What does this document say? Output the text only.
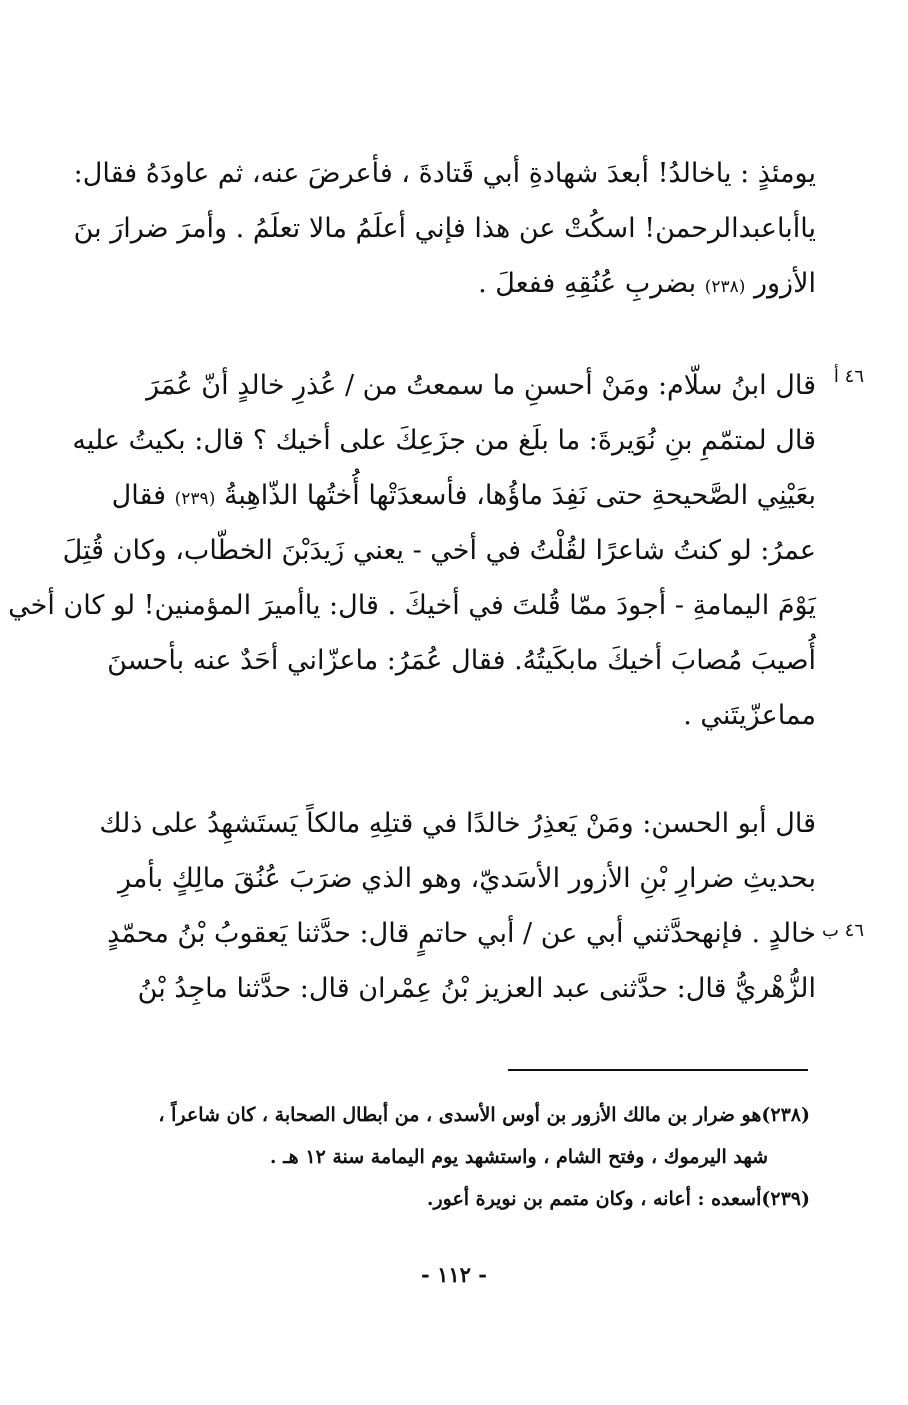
يومئذٍ : ياخالدُ! أبعدَ شهادةِ أبي قَتادةَ ، فأعرضَ عنه، ثم عاودَهُ فقال:
ياأباعبدالرحمن! اسكُتْ عن هذا فإني أعلَمُ مالا تعلَمُ . وأمرَ ضرارَ بنَ
الأزور (٢٣٨) بضربِ عُنُقِهِ ففعلَ .
٤٦ أ
قال ابنُ سلّام: ومَنْ أحسنِ ما سمعتُ من / عُذرِ خالدٍ أنّ عُمَرَ
قال لمتمّمِ بنِ نُوَيرةَ: ما بلَغ من جزَعِكَ على أخيك ؟ قال: بكيتُ عليه
بعَيْنِي الصَّحيحةِ حتى نَفِدَ ماؤُها، فأسعدَتْها أُختُها الذّاهِبةُ (٢٣٩) فقال
عمرُ: لو كنتُ شاعرًا لقُلْتُ في أخي - يعني زَيدَبْنَ الخطّاب، وكان قُتِلَ
يَوْمَ اليمامةِ - أجودَ ممّا قُلتَ في أخيكَ . قال: ياأميرَ المؤمنين! لو كان أخي
أُصيبَ مُصابَ أخيكَ مابكَيتُهُ. فقال عُمَرُ: ماعزّاني أحَدٌ عنه بأحسنَ
مماعزّيتَني .
قال أبو الحسن: ومَنْ يَعذِرُ خالدًا في قتلِهِ مالكاً يَستَشهِدُ على ذلك
بحديثِ ضرارِ بْنِ الأزور الأسَديّ، وهو الذي ضرَبَ عُنُقَ مالِكٍ بأمرِ
خالدٍ . فإنهحدَّثني أبي عن / أبي حاتمٍ قال: حدَّثنا يَعقوبُ بْنُ محمّدٍ
الزُّهْريُّ قال: حدَّثنى عبد العزيز بْنُ عِمْران قال: حدَّثنا ماجِدُ بْنُ
٤٦ ب
(٢٣٨)هو ضرار بن مالك الأزور بن أوس الأسدى ، من أبطال الصحابة ، كان شاعراً ،
شهد اليرموك ، وفتح الشام ، واستشهد يوم اليمامة سنة ١٢ هـ .
(٢٣٩)أسعده : أعانه ، وكان متمم بن نويرة أعور.
- ١١٢ -
